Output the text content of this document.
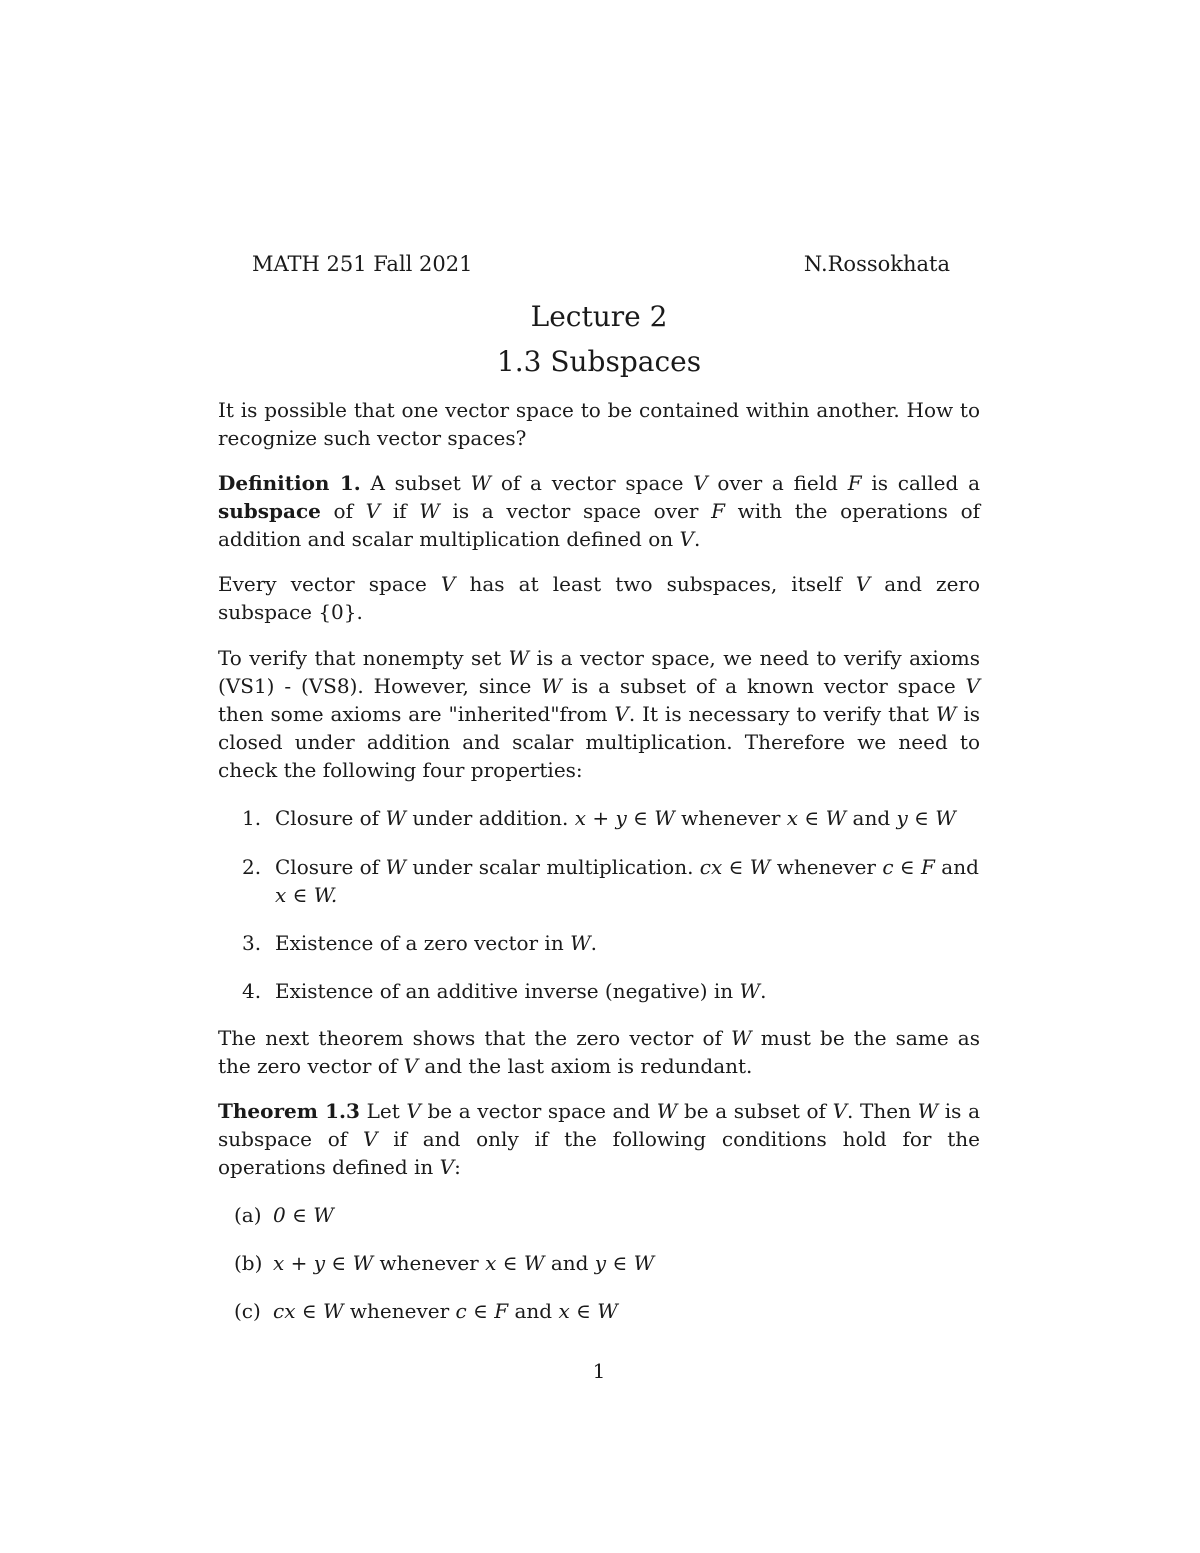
MATH 251 Fall 2021	N.Rossokhata
Lecture 2
1.3 Subspaces

It is possible that one vector space to be contained within another. How to recognize such vector spaces?

Definition 1. A subset W of a vector space V over a field F is called a subspace of V if W is a vector space over F with the operations of addition and scalar multiplication defined on V.

Every vector space V has at least two subspaces, itself V and zero subspace {0}.

To verify that nonempty set W is a vector space, we need to verify axioms (VS1) - (VS8). However, since W is a subset of a known vector space V then some axioms are "inherited"from V. It is necessary to verify that W is closed under addition and scalar multiplication. Therefore we need to check the following four properties:

1. Closure of W under addition. x + y ∈ W whenever x ∈ W and y ∈ W
2. Closure of W under scalar multiplication. cx ∈ W whenever c ∈ F and x ∈ W.
3. Existence of a zero vector in W.
4. Existence of an additive inverse (negative) in W.

The next theorem shows that the zero vector of W must be the same as the zero vector of V and the last axiom is redundant.

Theorem 1.3 Let V be a vector space and W be a subset of V. Then W is a subspace of V if and only if the following conditions hold for the operations defined in V:

(a) 0 ∈ W
(b) x + y ∈ W whenever x ∈ W and y ∈ W
(c) cx ∈ W whenever c ∈ F and x ∈ W
1
